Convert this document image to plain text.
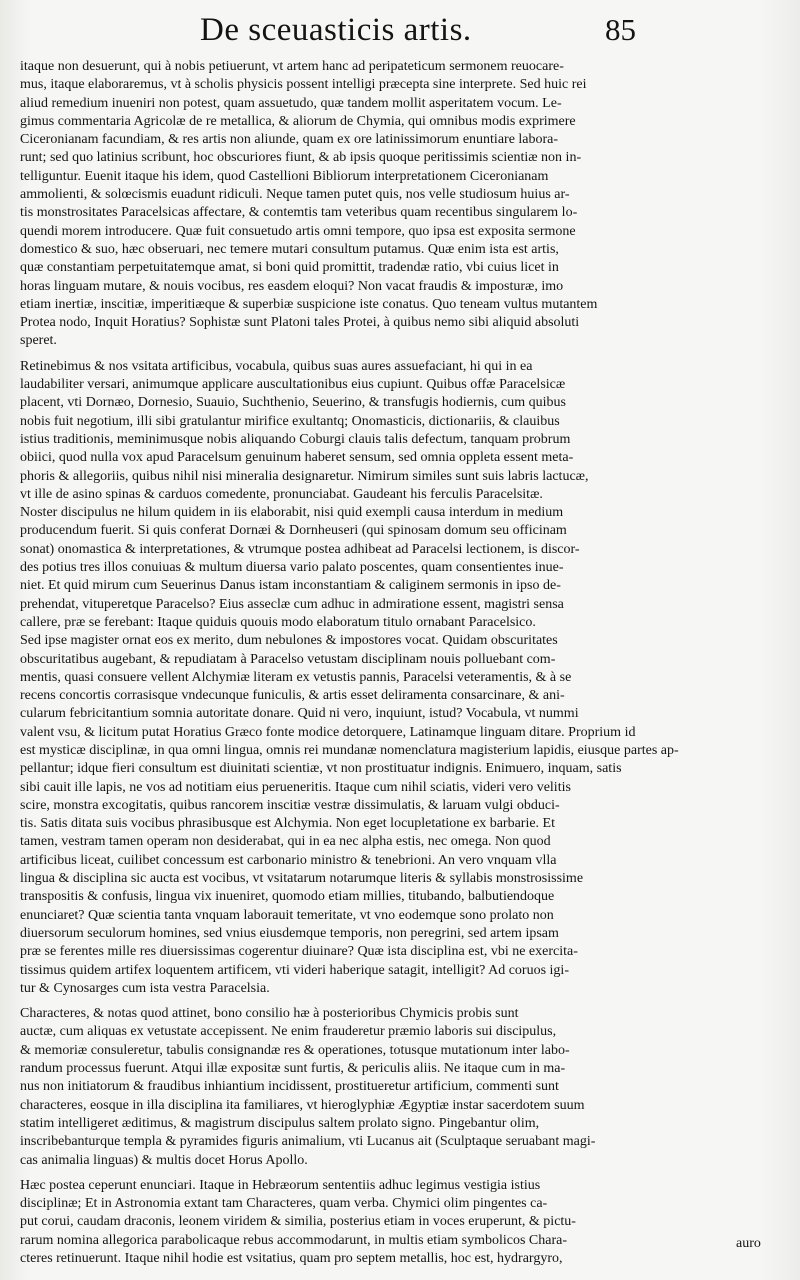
De sceuasticis artis.	85
itaque non desuerunt, qui à nobis petiuerunt, vt artem hanc ad peripateticum sermonem reuocare-
mus, itaque elaboraremus, vt à scholis physicis possent intelligi præcepta sine interprete. Sed huic rei
aliud remedium inueniri non potest, quam assuetudo, quæ tandem mollit asperitatem vocum. Le-
gimus commentaria Agricolæ de re metallica, & aliorum de Chymia, qui omnibus modis exprimere
Ciceronianam facundiam, & res artis non aliunde, quam ex ore latinissimorum enuntiare labora-
runt; sed quo latinius scribunt, hoc obscuriores fiunt, & ab ipsis quoque peritissimis scientiæ non in-
telliguntur. Euenit itaque his idem, quod Castellioni Bibliorum interpretationem Ciceronianam
ammolienti, & solœcismis euadunt ridiculi. Neque tamen putet quis, nos velle studiosum huius ar-
tis monstrositates Paracelsicas affectare, & contemtis tam veteribus quam recentibus singularem lo-
quendi morem introducere. Quæ fuit consuetudo artis omni tempore, quo ipsa est exposita sermone
domestico & suo, hæc obseruari, nec temere mutari consultum putamus. Quæ enim ista est artis,
quæ constantiam perpetuitatemque amat, si boni quid promittit, tradendæ ratio, vbi cuius licet in
horas linguam mutare, & nouis vocibus, res easdem eloqui? Non vacat fraudis & imposturæ, imo
etiam inertiæ, inscitiæ, imperitiæque & superbiæ suspicione iste conatus. Quo teneam vultus mutantem
Protea nodo, Inquit Horatius? Sophistæ sunt Platoni tales Protei, à quibus nemo sibi aliquid absoluti
speret.
Retinebimus & nos vsitata artificibus, vocabula, quibus suas aures assuefaciant, hi qui in ea
laudabiliter versari, animumque applicare auscultationibus eius cupiunt. Quibus offæ Paracelsicæ
placent, vti Dornæo, Dornesio, Suauio, Suchthenio, Seuerino, & transfugis hodiernis, cum quibus
nobis fuit negotium, illi sibi gratulantur mirifice exultantq; Onomasticis, dictionariis, & clauibus
istius traditionis, meminimusque nobis aliquando Coburgi clauis talis defectum, tanquam probrum
obiici, quod nulla vox apud Paracelsum genuinum haberet sensum, sed omnia oppleta essent meta-
phoris & allegoriis, quibus nihil nisi mineralia designaretur. Nimirum similes sunt suis labris lactucæ,
vt ille de asino spinas & carduos comedente, pronunciabat. Gaudeant his ferculis Paracelsitæ.
Noster discipulus ne hilum quidem in iis elaborabit, nisi quid exempli causa interdum in medium
producendum fuerit. Si quis conferat Dornæi & Dornheuseri (qui spinosam domum seu officinam
sonat) onomastica & interpretationes, & vtrumque postea adhibeat ad Paracelsi lectionem, is discor-
des potius tres illos conuiuas & multum diuersa vario palato poscentes, quam consentientes inue-
niet. Et quid mirum cum Seuerinus Danus istam inconstantiam & caliginem sermonis in ipso de-
prehendat, vituperetque Paracelso? Eius asseclæ cum adhuc in admiratione essent, magistri sensa
callere, præ se ferebant: Itaque quiduis quouis modo elaboratum titulo ornabant Paracelsico.
Sed ipse magister ornat eos ex merito, dum nebulones & impostores vocat. Quidam obscuritates
obscuritatibus augebant, & repudiatam à Paracelso vetustam disciplinam nouis polluebant com-
mentis, quasi consuere vellent Alchymiæ literam ex vetustis pannis, Paracelsi veteramentis, & à se
recens concortis corrasisque vndecunque funiculis, & artis esset deliramenta consarcinare, & ani-
cularum febricitantium somnia autoritate donare. Quid ni vero, inquiunt, istud? Vocabula, vt nummi
valent vsu, & licitum putat Horatius Græco fonte modice detorquere, Latinamque linguam ditare. Proprium id
est mysticæ disciplinæ, in qua omni lingua, omnis rei mundanæ nomenclatura magisterium lapidis, eiusque partes ap-
pellantur; idque fieri consultum est diuinitati scientiæ, vt non prostituatur indignis. Enimuero, inquam, satis
sibi cauit ille lapis, ne vos ad notitiam eius perueneritis. Itaque cum nihil sciatis, videri vero velitis
scire, monstra excogitatis, quibus rancorem inscitiæ vestræ dissimulatis, & laruam vulgi obduci-
tis. Satis ditata suis vocibus phrasibusque est Alchymia. Non eget locupletatione ex barbarie. Et
tamen, vestram tamen operam non desiderabat, qui in ea nec alpha estis, nec omega. Non quod
artificibus liceat, cuilibet concessum est carbonario ministro & tenebrioni. An vero vnquam vlla
lingua & disciplina sic aucta est vocibus, vt vsitatarum notarumque literis & syllabis monstrosissime
transpositis & confusis, lingua vix inueniret, quomodo etiam millies, titubando, balbutiendoque
enunciaret? Quæ scientia tanta vnquam laborauit temeritate, vt vno eodemque sono prolato non
diuersorum seculorum homines, sed vnius eiusdemque temporis, non peregrini, sed artem ipsam
præ se ferentes mille res diuersissimas cogerentur diuinare? Quæ ista disciplina est, vbi ne exercita-
tissimus quidem artifex loquentem artificem, vti videri haberique satagit, intelligit? Ad coruos igi-
tur & Cynosarges cum ista vestra Paracelsia.
Characteres, & notas quod attinet, bono consilio hæ à posterioribus Chymicis probis sunt
auctæ, cum aliquas ex vetustate accepissent. Ne enim frauderetur præmio laboris sui discipulus,
& memoriæ consuleretur, tabulis consignandæ res & operationes, totusque mutationum inter labo-
randum processus fuerunt. Atqui illæ expositæ sunt furtis, & periculis aliis. Ne itaque cum in ma-
nus non initiatorum & fraudibus inhiantium incidissent, prostitueretur artificium, commenti sunt
characteres, eosque in illa disciplina ita familiares, vt hieroglyphiæ Ægyptiæ instar sacerdotem suum
statim intelligeret æditimus, & magistrum discipulus saltem prolato signo. Pingebantur olim,
inscribebanturque templa & pyramides figuris animalium, vti Lucanus ait (Sculptaque seruabant magi-
cas animalia linguas) & multis docet Horus Apollo.
Hæc postea ceperunt enunciari. Itaque in Hebræorum sententiis adhuc legimus vestigia istius
disciplinæ; Et in Astronomia extant tam Characteres, quam verba. Chymici olim pingentes ca-
put corui, caudam draconis, leonem viridem & similia, posterius etiam in voces eruperunt, & pictu-
rarum nomina allegorica parabolicaque rebus accommodarunt, in multis etiam symbolicos Chara-
cteres retinuerunt. Itaque nihil hodie est vsitatius, quam pro septem metallis, hoc est, hydrargyro,
auro
